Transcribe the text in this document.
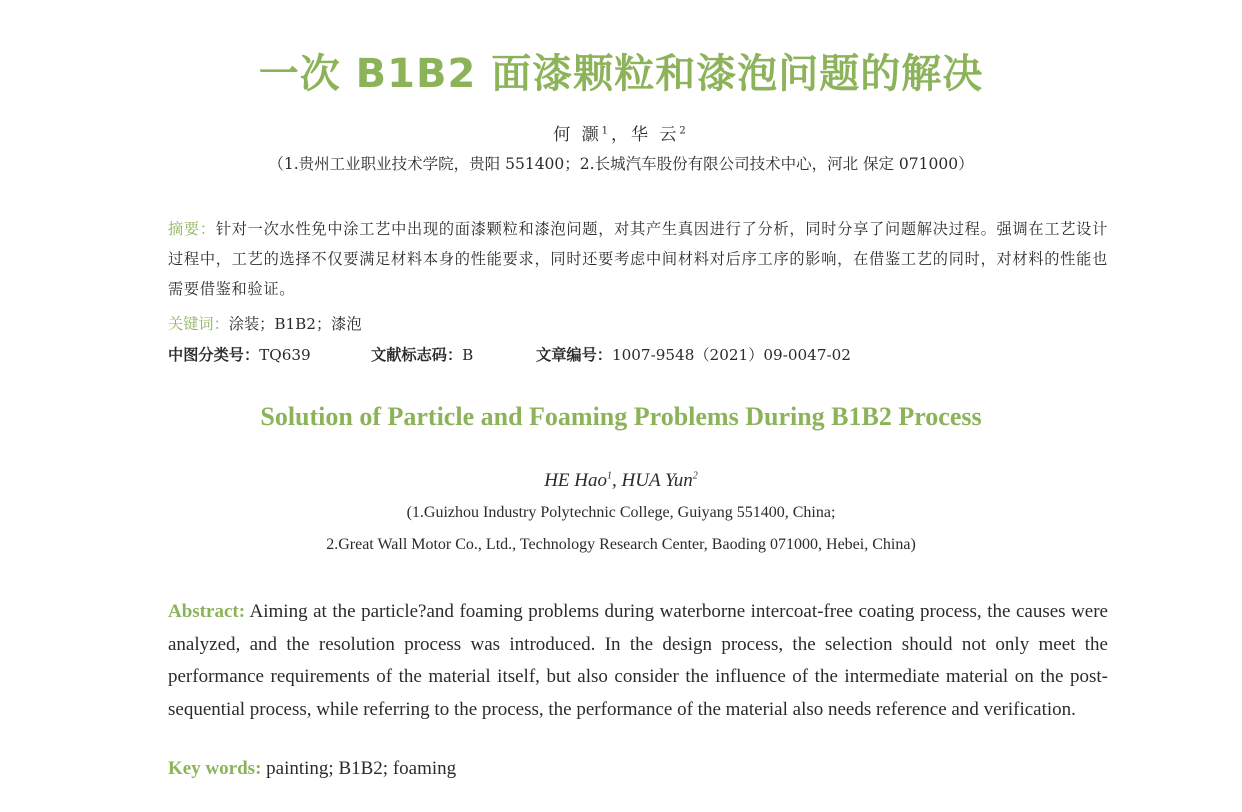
一次 B1B2 面漆颗粒和漆泡问题的解决
何 灏$^1$，华 云$^2$
（1.贵州工业职业技术学院，贵阳 551400；2.长城汽车股份有限公司技术中心，河北 保定 071000）
摘要：针对一次水性免中涂工艺中出现的面漆颗粒和漆泡问题，对其产生真因进行了分析，同时分享了问题解决过程。强调在工艺设计过程中，工艺的选择不仅要满足材料本身的性能要求，同时还要考虑中间材料对后序工序的影响，在借鉴工艺的同时，对材料的性能也需要借鉴和验证。
关键词：涂装；B1B2；漆泡
中图分类号：TQ639	文献标志码：B	文章编号：1007-9548（2021）09-0047-02
Solution of Particle and Foaming Problems During B1B2 Process
HE Hao$^1$, HUA Yun$^2$
(1.Guizhou Industry Polytechnic College, Guiyang 551400, China;
2.Great Wall Motor Co., Ltd., Technology Research Center, Baoding 071000, Hebei, China)
Abstract: Aiming at the particle?and foaming problems during waterborne intercoat-free coating process, the causes were analyzed, and the resolution process was introduced. In the design process, the selection should not only meet the performance requirements of the material itself, but also consider the influence of the intermediate material on the post-sequential process, while referring to the process, the performance of the material also needs reference and verification.
Key words: painting; B1B2; foaming
